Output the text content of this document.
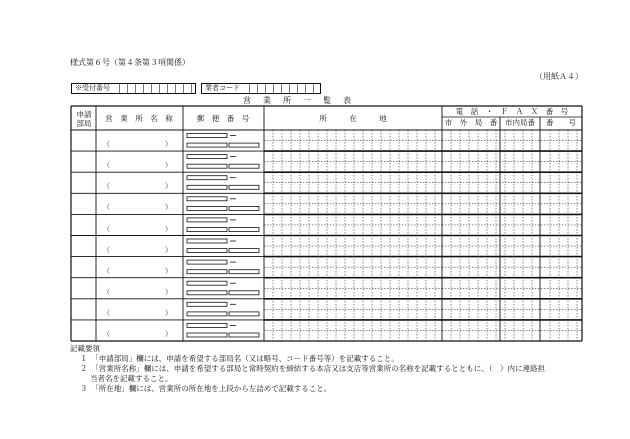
様式第６号（第４条第３項関係）
（用紙Ａ４）
※受付番号	業者コード
営　業　所　一　覧　表
申請
部局
営　業　所　名　称	郵　便　番　号	所　　　在　　　地
電　話　・　Ｆ　Ａ　Ｘ　番　号
市　外　局　番	市内局番	番　　号
（	）
（	）
（	）
（	）
（	）
（	）
（	）
（	）
（	）
（	）
記載要領
１　「申請部局」欄には、申請を希望する部局名（又は略号、コード番号等）を記載すること。
２　「営業所名称」欄には、申請を希望する部局と常時契約を締結する本店又は支店等営業所の名称を記載するとともに、（　）内に連絡担
当者名を記載すること。
３　「所在地」欄には、営業所の所在地を上段から左詰めで記載すること。
